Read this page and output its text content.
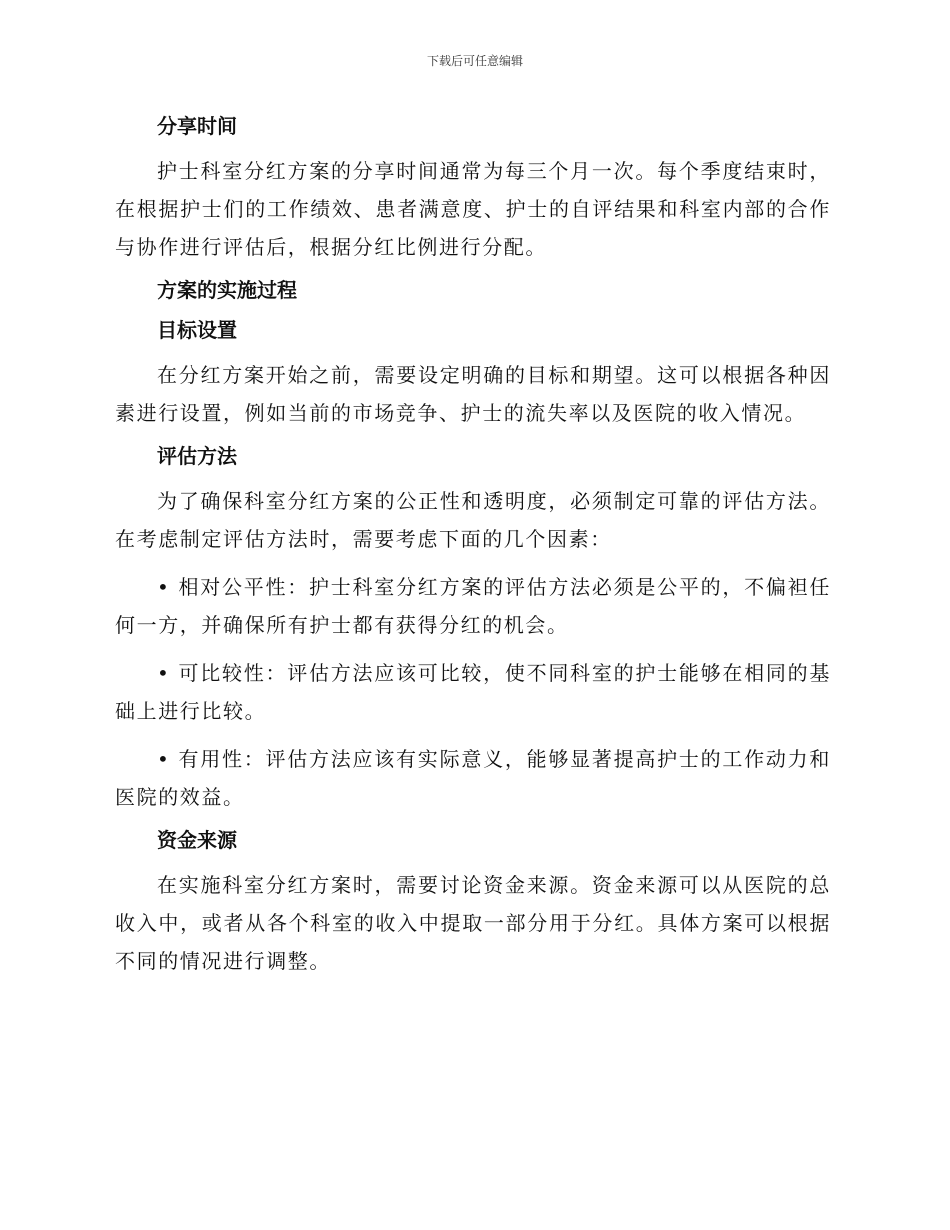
下载后可任意编辑
分享时间

护士科室分红方案的分享时间通常为每三个月一次。每个季度结束时，在根据护士们的工作绩效、患者满意度、护士的自评结果和科室内部的合作与协作进行评估后，根据分红比例进行分配。

方案的实施过程
目标设置

在分红方案开始之前，需要设定明确的目标和期望。这可以根据各种因素进行设置，例如当前的市场竞争、护士的流失率以及医院的收入情况。

评估方法

为了确保科室分红方案的公正性和透明度，必须制定可靠的评估方法。在考虑制定评估方法时，需要考虑下面的几个因素：

• 相对公平性：护士科室分红方案的评估方法必须是公平的，不偏袒任何一方，并确保所有护士都有获得分红的机会。

• 可比较性：评估方法应该可比较，使不同科室的护士能够在相同的基础上进行比较。

• 有用性：评估方法应该有实际意义，能够显著提高护士的工作动力和医院的效益。

资金来源

在实施科室分红方案时，需要讨论资金来源。资金来源可以从医院的总收入中，或者从各个科室的收入中提取一部分用于分红。具体方案可以根据不同的情况进行调整。
